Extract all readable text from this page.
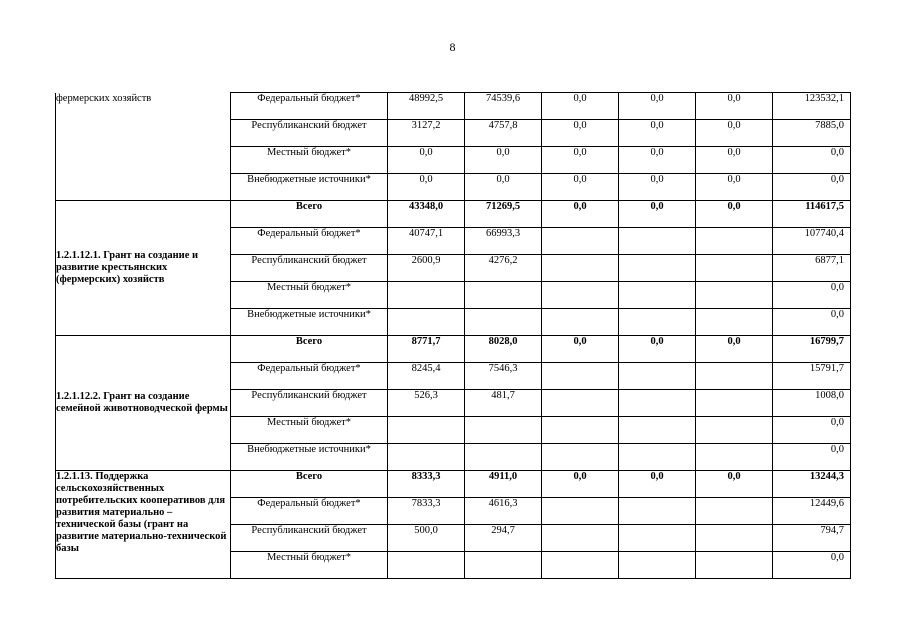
8
фермерских хозяйств	Федеральный бюджет*	48992,5	74539,6	0,0	0,0	0,0	123532,1
	Республиканский бюджет	3127,2	4757,8	0,0	0,0	0,0	7885,0
	Местный бюджет*	0,0	0,0	0,0	0,0	0,0	0,0
	Внебюджетные источники*	0,0	0,0	0,0	0,0	0,0	0,0
1.2.1.12.1. Грант на создание и развитие крестьянских (фермерских) хозяйств	Всего	43348,0	71269,5	0,0	0,0	0,0	114617,5
	Федеральный бюджет*	40747,1	66993,3				107740,4
	Республиканский бюджет	2600,9	4276,2				6877,1
	Местный бюджет*						0,0
	Внебюджетные источники*						0,0
1.2.1.12.2. Грант на создание семейной животноводческой фермы	Всего	8771,7	8028,0	0,0	0,0	0,0	16799,7
	Федеральный бюджет*	8245,4	7546,3				15791,7
	Республиканский бюджет	526,3	481,7				1008,0
	Местный бюджет*						0,0
	Внебюджетные источники*						0,0
1.2.1.13. Поддержка сельскохозяйственных потребительских кооперативов для развития материально – технической базы (грант на развитие материально-технической базы	Всего	8333,3	4911,0	0,0	0,0	0,0	13244,3
	Федеральный бюджет*	7833,3	4616,3				12449,6
	Республиканский бюджет	500,0	294,7				794,7
	Местный бюджет*						0,0
